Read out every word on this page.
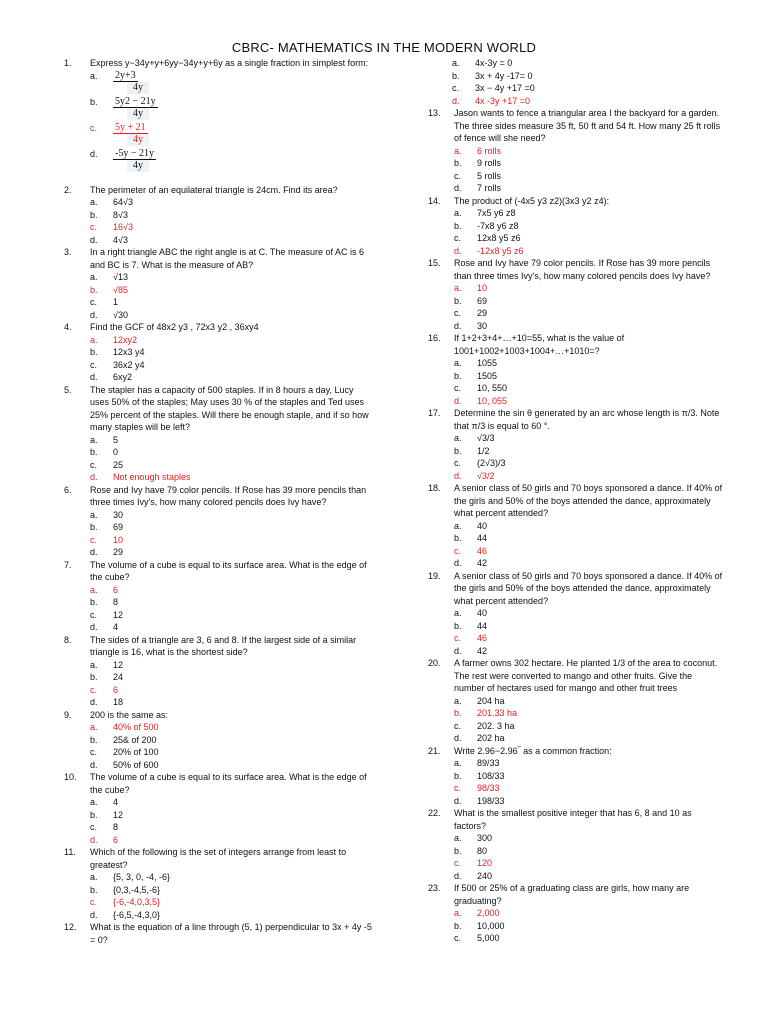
CBRC- MATHEMATICS IN THE MODERN WORLD
1. Express y−34y+y+6yy−34y+y+6y as a single fraction in simplest form:
a. 2y+3
4y
b. 5y2 − 21y
4y
c. 5y + 21
4y
d. -5y − 21y
4y
2. The perimeter of an equilateral triangle is 24cm. Find its area?
a. 64√3
b. 8√3
c. 16√3
d. 4√3
3. In a right triangle ABC the right angle is at C. The measure of AC is 6 and BC is 7. What is the measure of AB?
a. √13
b. √85
c. 1
d. √30
4. Find the GCF of 48x2 y3 , 72x3 y2 , 36xy4
a. 12xy2
b. 12x3 y4
c. 36x2 y4
d. 6xy2
5. The stapler has a capacity of 500 staples. If in 8 hours a day, Lucy uses 50% of the staples; May uses 30 % of the staples and Ted uses 25% percent of the staples. Will there be enough staple, and if so how many staples will be left?
a. 5
b. 0
c. 25
d. Not enough staples
6. Rose and Ivy have 79 color pencils. If Rose has 39 more pencils than three times Ivy's, how many colored pencils does Ivy have?
a. 30
b. 69
c. 10
d. 29
7. The volume of a cube is equal to its surface area. What is the edge of the cube?
a. 6
b. 8
c. 12
d. 4
8. The sides of a triangle are 3, 6 and 8. If the largest side of a similar triangle is 16, what is the shortest side?
a. 12
b. 24
c. 6
d. 18
9. 200 is the same as:
a. 40% of 500
b. 25& of 200
c. 20% of 100
d. 50% of 600
10. The volume of a cube is equal to its surface area. What is the edge of the cube?
a. 4
b. 12
c. 8
d. 6
11. Which of the following is the set of integers arrange from least to greatest?
a. {5, 3, 0, -4, -6}
b. {0,3,-4,5,-6}
c. {-6,-4,0,3,5}
d. {-6,5,-4,3,0}
12. What is the equation of a line through (5, 1) perpendicular to 3x + 4y -5 = 0?
a. 4x-3y = 0
b. 3x + 4y -17= 0
c. 3x − 4y +17 =0
d. 4x -3y +17 =0
13. Jason wants to fence a triangular area I the backyard for a garden. The three sides measure 35 ft, 50 ft and 54 ft. How many 25 ft rolls of fence will she need?
a. 6 rolls
b. 9 rolls
c. 5 rolls
d. 7 rolls
14. The product of (-4x5 y3 z2)(3x3 y2 z4):
a. 7x5 y6 z8
b. -7x8 y6 z8
c. 12x8 y5 z6
d. -12x8 y5 z6
15. Rose and Ivy have 79 color pencils. If Rose has 39 more pencils than three times Ivy's, how many colored pencils does Ivy have?
a. 10
b. 69
c. 29
d. 30
16. If 1+2+3+4+…+10=55, what is the value of 1001+1002+1003+1004+…+1010=?
a. 1055
b. 1505
c. 10, 550
d. 10, 055
17. Determine the sin θ generated by an arc whose length is π/3. Note that π/3 is equal to 60 °.
a. √3/3
b. 1/2
c. (2√3)/3
d. √3/2
18. A senior class of 50 girls and 70 boys sponsored a dance. If 40% of the girls and 50% of the boys attended the dance, approximately what percent attended?
a. 40
b. 44
c. 46
d. 42
19. A senior class of 50 girls and 70 boys sponsored a dance. If 40% of the girls and 50% of the boys attended the dance, approximately what percent attended?
a. 40
b. 44
c. 46
d. 42
20. A farmer owns 302 hectare. He planted 1/3 of the area to coconut. The rest were converted to mango and other fruits. Give the number of hectares used for mango and other fruit trees
a. 204 ha
b. 201.33 ha
c. 202. 3 ha
d. 202 ha
21. Write 2.96−2.96‾ as a common fraction:
a. 89/33
b. 108/33
c. 98/33
d. 198/33
22. What is the smallest positive integer that has 6, 8 and 10 as factors?
a. 300
b. 80
c. 120
d. 240
23. If 500 or 25% of a graduating class are girls, how many are graduating?
a. 2,000
b. 10,000
c. 5,000
